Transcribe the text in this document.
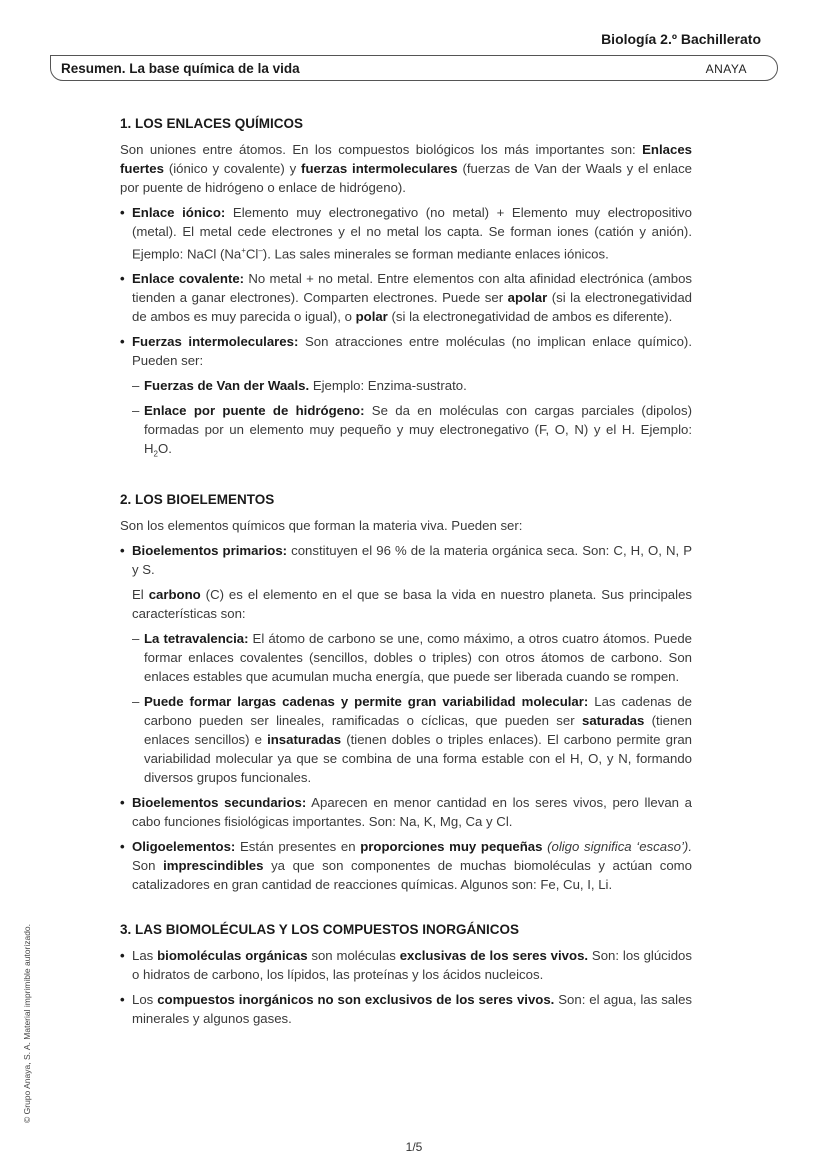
Biología 2.º Bachillerato
Resumen. La base química de la vida	ANAYA
© Grupo Anaya, S. A. Material imprimible autorizado.
1. LOS ENLACES QUÍMICOS

Son uniones entre átomos. En los compuestos biológicos los más importantes son: Enlaces fuertes (iónico y covalente) y fuerzas intermoleculares (fuerzas de Van der Waals y el enlace por puente de hidrógeno o enlace de hidrógeno).

• Enlace iónico: Elemento muy electronegativo (no metal) + Elemento muy electropositivo (metal). El metal cede electrones y el no metal los capta. Se forman iones (catión y anión). Ejemplo: NaCl (Na+Cl–). Las sales minerales se forman mediante enlaces iónicos.
• Enlace covalente: No metal + no metal. Entre elementos con alta afinidad electrónica (ambos tienden a ganar electrones). Comparten electrones. Puede ser apolar (si la electronegatividad de ambos es muy parecida o igual), o polar (si la electronegatividad de ambos es diferente).
• Fuerzas intermoleculares: Son atracciones entre moléculas (no implican enlace químico). Pueden ser:
– Fuerzas de Van der Waals. Ejemplo: Enzima-sustrato.
– Enlace por puente de hidrógeno: Se da en moléculas con cargas parciales (dipolos) formadas por un elemento muy pequeño y muy electronegativo (F, O, N) y el H. Ejemplo: $H_2O$.
2. LOS BIOELEMENTOS

Son los elementos químicos que forman la materia viva. Pueden ser:

• Bioelementos primarios: constituyen el 96 % de la materia orgánica seca. Son: C, H, O, N, P y S.

El carbono (C) es el elemento en el que se basa la vida en nuestro planeta. Sus principales características son:

– La tetravalencia: El átomo de carbono se une, como máximo, a otros cuatro átomos. Puede formar enlaces covalentes (sencillos, dobles o triples) con otros átomos de carbono. Son enlaces estables que acumulan mucha energía, que puede ser liberada cuando se rompen.
– Puede formar largas cadenas y permite gran variabilidad molecular: Las cadenas de carbono pueden ser lineales, ramificadas o cíclicas, que pueden ser saturadas (tienen enlaces sencillos) e insaturadas (tienen dobles o triples enlaces). El carbono permite gran variabilidad molecular ya que se combina de una forma estable con el H, O, y N, formando diversos grupos funcionales.
• Bioelementos secundarios: Aparecen en menor cantidad en los seres vivos, pero llevan a cabo funciones fisiológicas importantes. Son: Na, K, Mg, Ca y Cl.
• Oligoelementos: Están presentes en proporciones muy pequeñas (oligo significa ‘escaso’). Son imprescindibles ya que son componentes de muchas biomoléculas y actúan como catalizadores en gran cantidad de reacciones químicas. Algunos son: Fe, Cu, I, Li.
3. LAS BIOMOLÉCULAS Y LOS COMPUESTOS INORGÁNICOS
• Las biomoléculas orgánicas son moléculas exclusivas de los seres vivos. Son: los glúcidos o hidratos de carbono, los lípidos, las proteínas y los ácidos nucleicos.
• Los compuestos inorgánicos no son exclusivos de los seres vivos. Son: el agua, las sales minerales y algunos gases.
1/5
